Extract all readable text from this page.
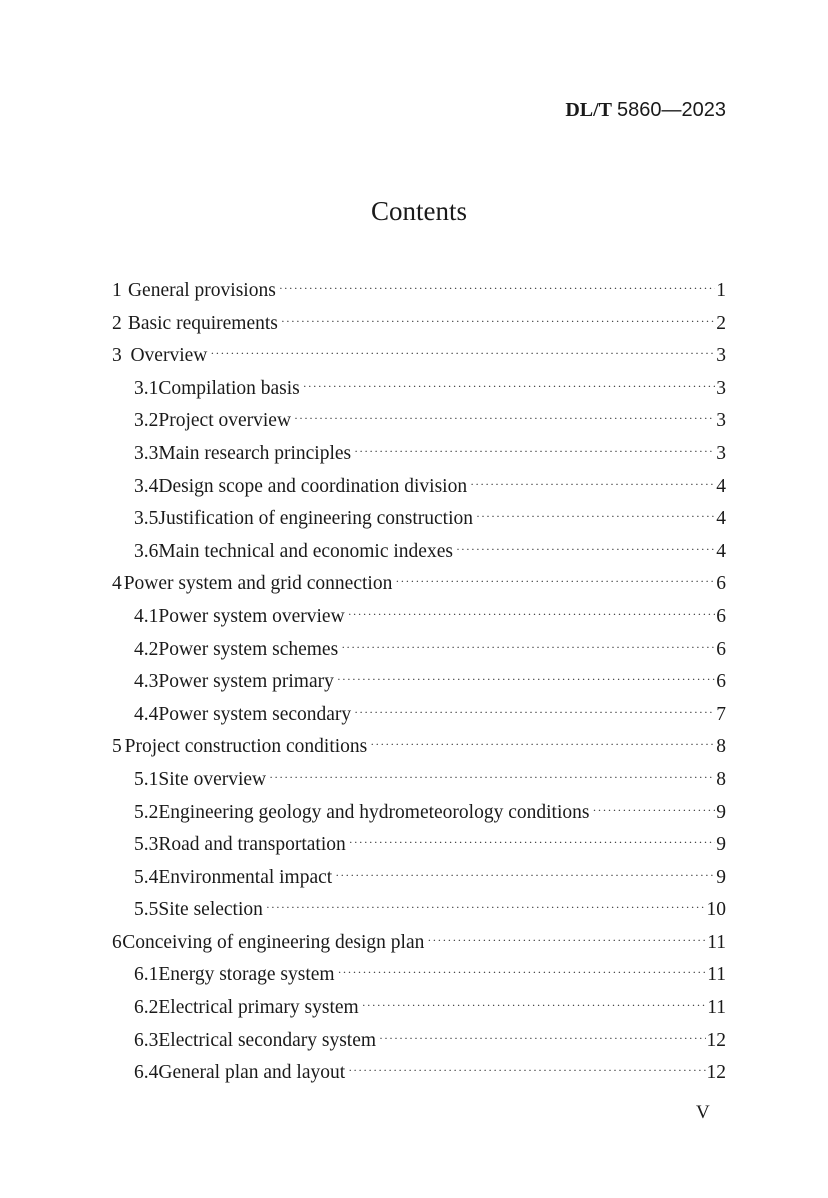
DL/T 5860—2023
Contents
1 General provisions ·····	1
2 Basic requirements ·····	2
3 Overview ·····	3
3.1 Compilation basis ·····	3
3.2 Project overview ·····	3
3.3 Main research principles ·····	3
3.4 Design scope and coordination division ·····	4
3.5 Justification of engineering construction ·····	4
3.6 Main technical and economic indexes ·····	4
4 Power system and grid connection ·····	6
4.1 Power system overview ·····	6
4.2 Power system schemes ·····	6
4.3 Power system primary ·····	6
4.4 Power system secondary ·····	7
5 Project construction conditions ·····	8
5.1 Site overview ·····	8
5.2 Engineering geology and hydrometeorology conditions ·····	9
5.3 Road and transportation ·····	9
5.4 Environmental impact ·····	9
5.5 Site selection ·····	10
6 Conceiving of engineering design plan ·····	11
6.1 Energy storage system ·····	11
6.2 Electrical primary system ·····	11
6.3 Electrical secondary system ·····	12
6.4 General plan and layout ·····	12
V
